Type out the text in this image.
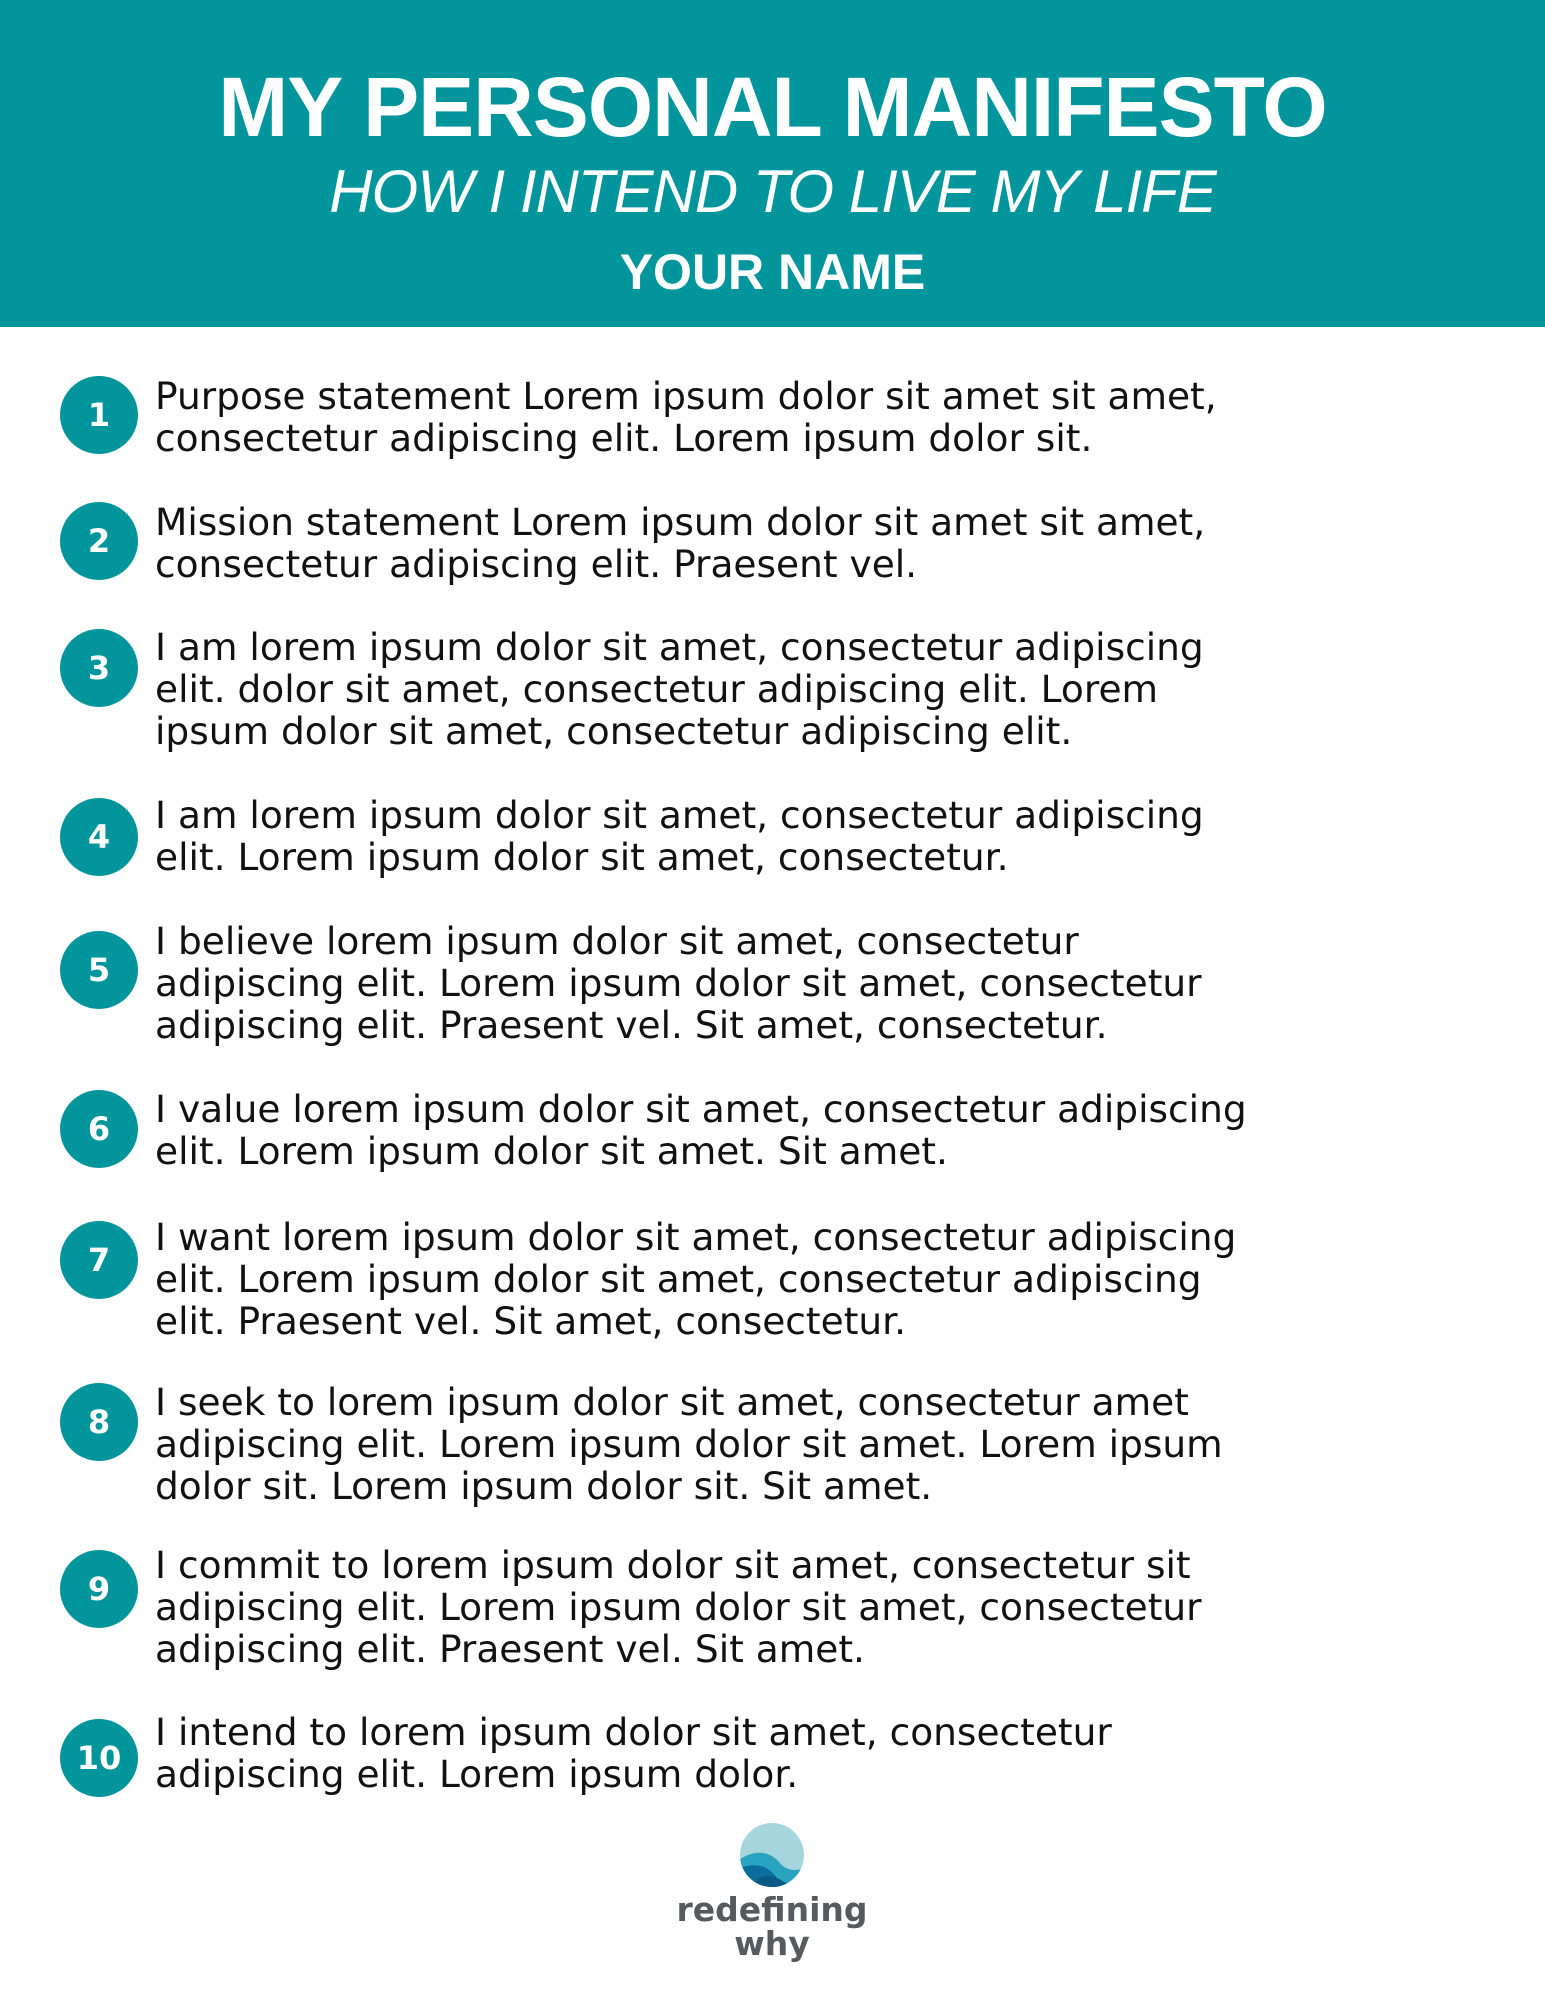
MY PERSONAL MANIFESTO
HOW I INTEND TO LIVE MY LIFE
YOUR NAME
1	Purpose statement Lorem ipsum dolor sit amet sit amet,
consectetur adipiscing elit. Lorem ipsum dolor sit.

2	Mission statement Lorem ipsum dolor sit amet sit amet,
consectetur adipiscing elit. Praesent vel.

3	I am lorem ipsum dolor sit amet, consectetur adipiscing
elit. dolor sit amet, consectetur adipiscing elit. Lorem
ipsum dolor sit amet, consectetur adipiscing elit.

4	I am lorem ipsum dolor sit amet, consectetur adipiscing
elit. Lorem ipsum dolor sit amet, consectetur.

5

I believe lorem ipsum dolor sit amet, consectetur
adipiscing elit. Lorem ipsum dolor sit amet, consectetur
adipiscing elit. Praesent vel. Sit amet, consectetur.

6	I value lorem ipsum dolor sit amet, consectetur adipiscing
elit. Lorem ipsum dolor sit amet. Sit amet.

7

I want lorem ipsum dolor sit amet, consectetur adipiscing
elit. Lorem ipsum dolor sit amet, consectetur adipiscing
elit. Praesent vel. Sit amet, consectetur.

8	I seek to lorem ipsum dolor sit amet, consectetur amet
adipiscing elit. Lorem ipsum dolor sit amet. Lorem ipsum
dolor sit. Lorem ipsum dolor sit. Sit amet.

9

I commit to lorem ipsum dolor sit amet, consectetur sit
adipiscing elit. Lorem ipsum dolor sit amet, consectetur
adipiscing elit. Praesent vel. Sit amet.

10

I intend to lorem ipsum dolor sit amet, consectetur
adipiscing elit. Lorem ipsum dolor.

redefining
why
